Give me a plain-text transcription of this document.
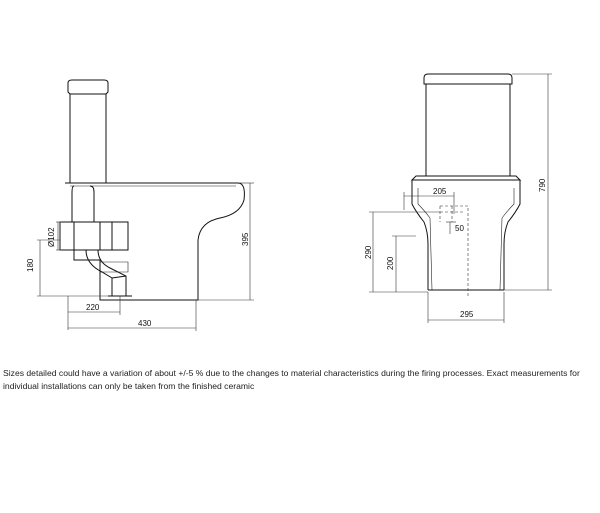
Ø102
180
395
220
430
205
50
290
200
790
295

Sizes detailed could have a variation of about +/-5 % due to the changes to material characteristics during the firing processes. Exact measurements for individual installations can only be taken from the finished ceramic
